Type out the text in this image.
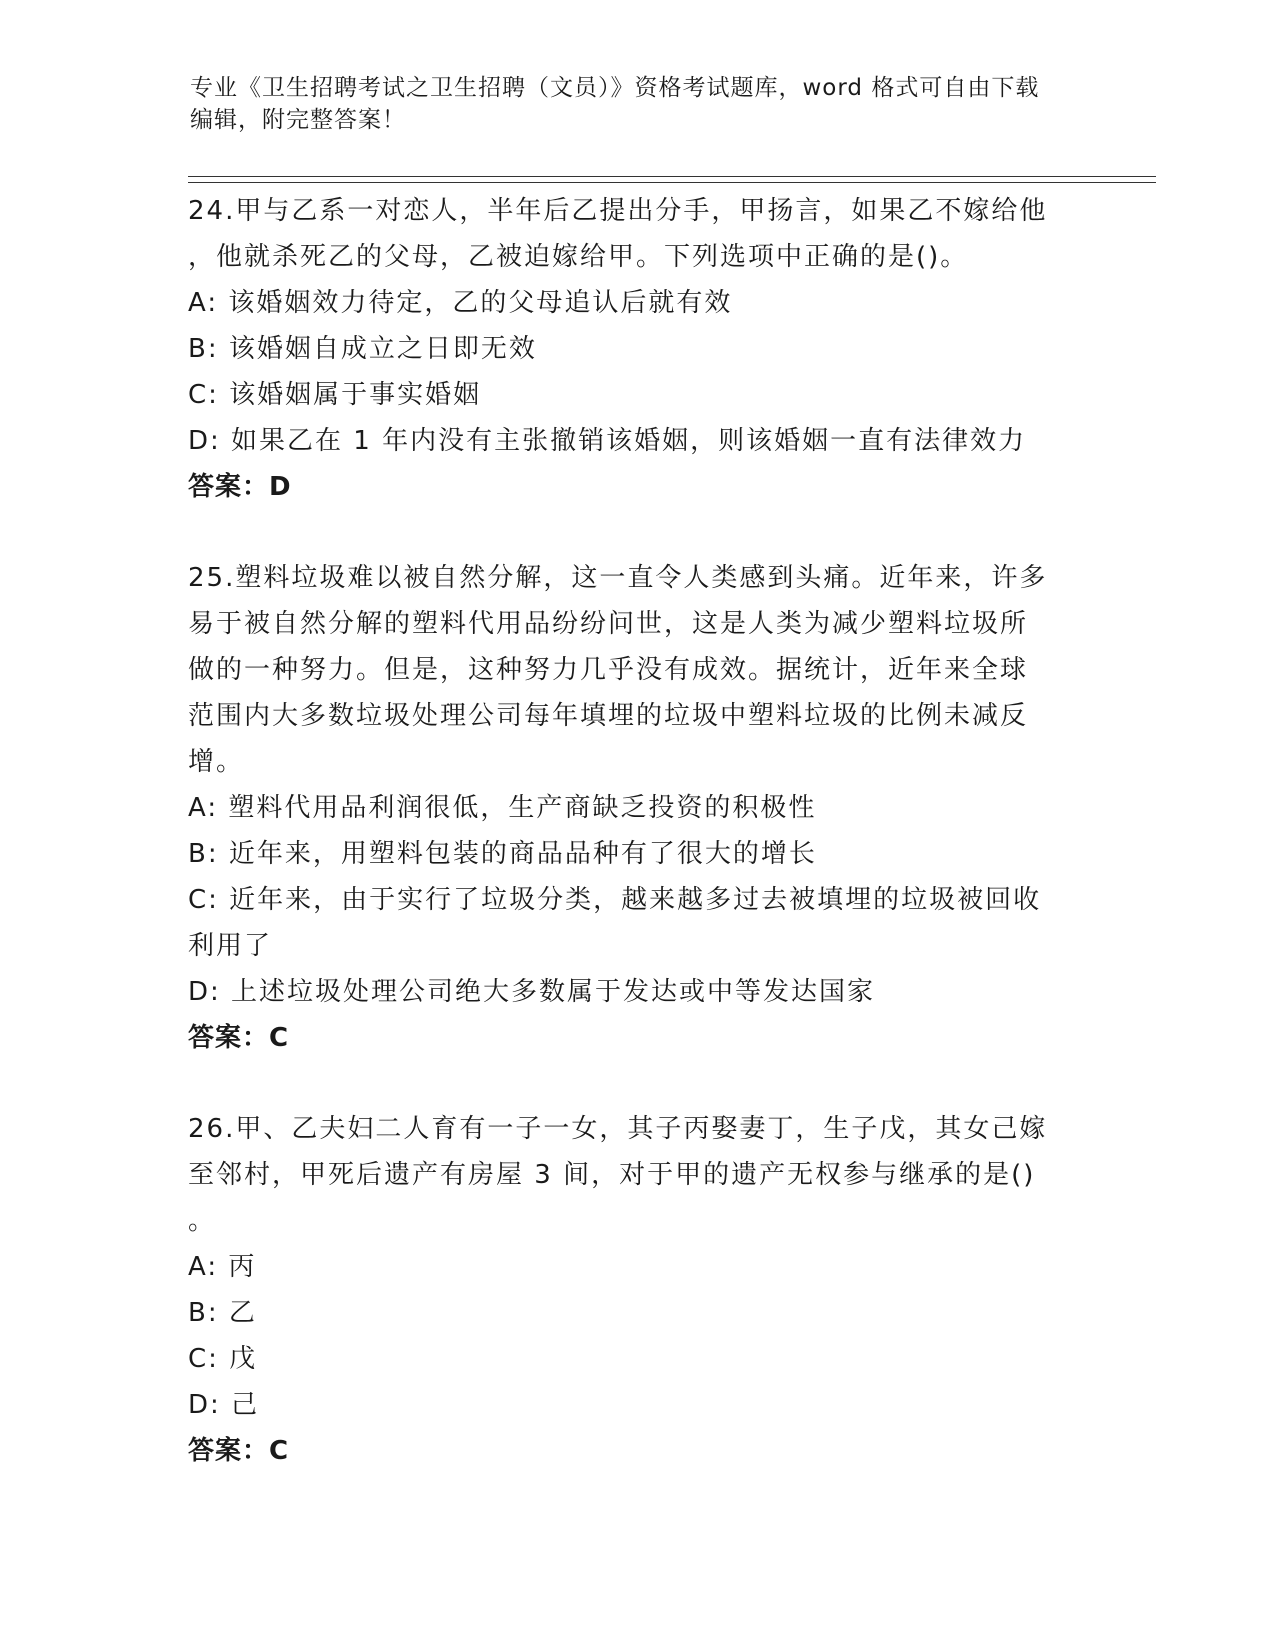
专业《卫生招聘考试之卫生招聘（文员）》资格考试题库，word 格式可自由下载
编辑，附完整答案！
24.甲与乙系一对恋人，半年后乙提出分手，甲扬言，如果乙不嫁给他
，他就杀死乙的父母，乙被迫嫁给甲。下列选项中正确的是()。
A: 该婚姻效力待定，乙的父母追认后就有效
B: 该婚姻自成立之日即无效
C: 该婚姻属于事实婚姻
D: 如果乙在 1 年内没有主张撤销该婚姻，则该婚姻一直有法律效力
答案：D
25.塑料垃圾难以被自然分解，这一直令人类感到头痛。近年来，许多
易于被自然分解的塑料代用品纷纷问世，这是人类为减少塑料垃圾所
做的一种努力。但是，这种努力几乎没有成效。据统计，近年来全球
范围内大多数垃圾处理公司每年填埋的垃圾中塑料垃圾的比例未减反
增。
A: 塑料代用品利润很低，生产商缺乏投资的积极性
B: 近年来，用塑料包装的商品品种有了很大的增长
C: 近年来，由于实行了垃圾分类，越来越多过去被填埋的垃圾被回收
利用了
D: 上述垃圾处理公司绝大多数属于发达或中等发达国家
答案：C
26.甲、乙夫妇二人育有一子一女，其子丙娶妻丁，生子戊，其女己嫁
至邻村，甲死后遗产有房屋 3 间，对于甲的遗产无权参与继承的是()
。
A: 丙
B: 乙
C: 戊
D: 己
答案：C
